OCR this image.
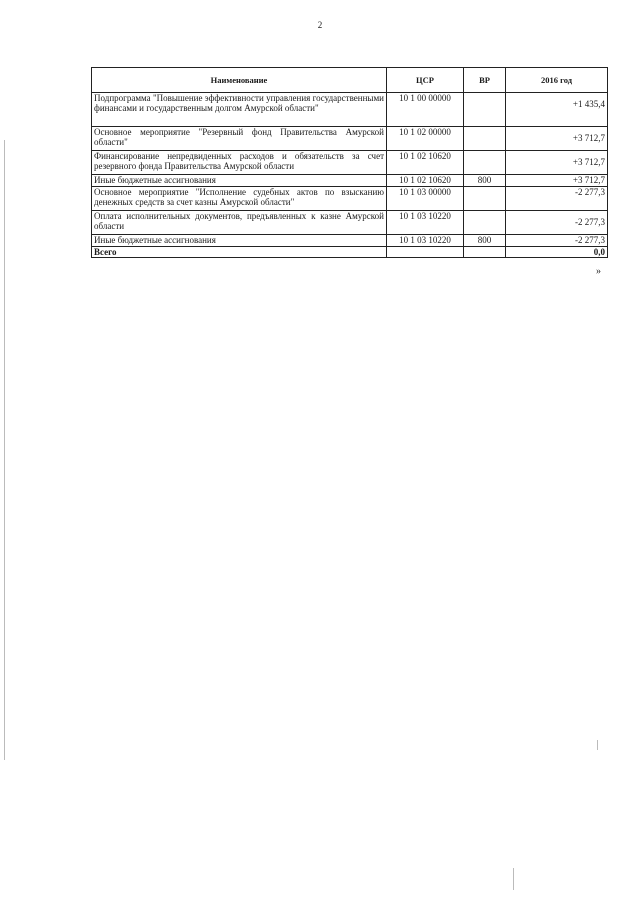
2
Наименование	ЦСР	ВР	2016 год
Подпрограмма "Повышение эффективности управления государственными финансами и государственным долгом Амурской области"	10 1 00 00000		+1 435,4
Основное мероприятие "Резервный фонд Правительства Амурской области"	10 1 02 00000		+3 712,7
Финансирование непредвиденных расходов и обязательств за счет резервного фонда Правительства Амурской области	10 1 02 10620		+3 712,7
Иные бюджетные ассигнования	10 1 02 10620	800	+3 712,7
Основное мероприятие "Исполнение судебных актов по взысканию денежных средств за счет казны Амурской области"	10 1 03 00000		-2 277,3
Оплата исполнительных документов, предъявленных к казне Амурской области	10 1 03 10220		-2 277,3
Иные бюджетные ассигнования	10 1 03 10220	800	-2 277,3
Всего			0,0
»
